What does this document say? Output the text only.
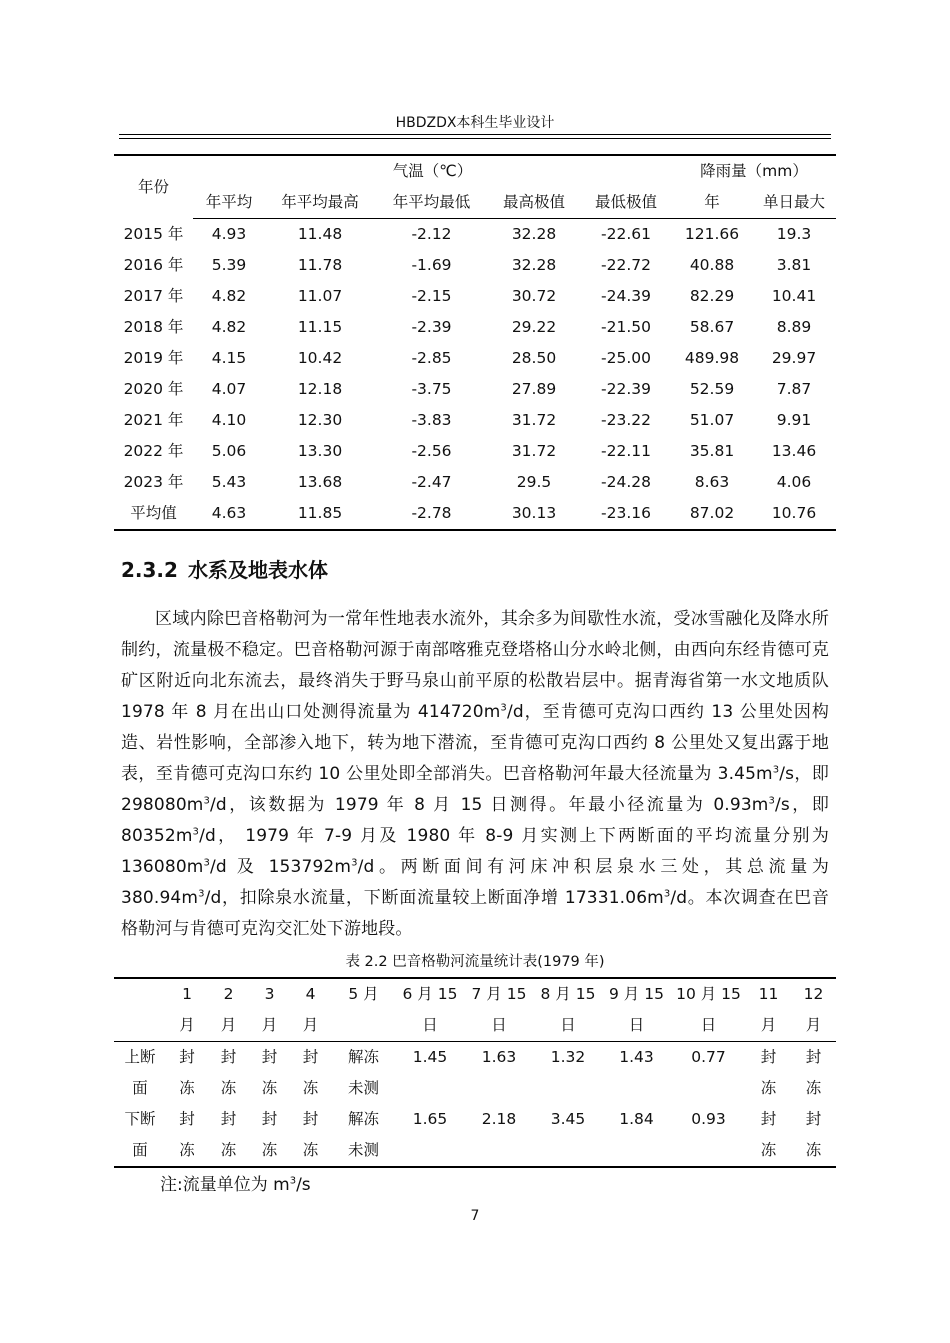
HBDZDX本科生毕业设计
年份	气温（℃）					降雨量（mm）	
	年平均	年平均最高	年平均最低	最高极值	最低极值	年	单日最大
2015 年	4.93	11.48	-2.12	32.28	-22.61	121.66	19.3
2016 年	5.39	11.78	-1.69	32.28	-22.72	40.88	3.81
2017 年	4.82	11.07	-2.15	30.72	-24.39	82.29	10.41
2018 年	4.82	11.15	-2.39	29.22	-21.50	58.67	8.89
2019 年	4.15	10.42	-2.85	28.50	-25.00	489.98	29.97
2020 年	4.07	12.18	-3.75	27.89	-22.39	52.59	7.87
2021 年	4.10	12.30	-3.83	31.72	-23.22	51.07	9.91
2022 年	5.06	13.30	-2.56	31.72	-22.11	35.81	13.46
2023 年	5.43	13.68	-2.47	29.5	-24.28	8.63	4.06
平均值	4.63	11.85	-2.78	30.13	-23.16	87.02	10.76
2.3.2 水系及地表水体
区域内除巴音格勒河为一常年性地表水流外，其余多为间歇性水流，受冰雪融化及降水所制约，流量极不稳定。巴音格勒河源于南部喀雅克登塔格山分水岭北侧，由西向东经肯德可克矿区附近向北东流去，最终消失于野马泉山前平原的松散岩层中。据青海省第一水文地质队 1978 年 8 月在出山口处测得流量为 $414720m^3/d$，至肯德可克沟口西约 13 公里处因构造、岩性影响，全部渗入地下，转为地下潜流，至肯德可克沟口西约 8 公里处又复出露于地表，至肯德可克沟口东约 10 公里处即全部消失。巴音格勒河年最大径流量为 $3.45m^3/s$，即 $298080m^3/d$，该数据为 1979 年 8 月 15 日测得。年最小径流量为 $0.93m^3/s$，即 $80352m^3/d$， 1979 年 7-9 月及 1980 年 8-9 月实测上下两断面的平均流量分别为 $136080m^3/d$ 及 $153792m^3/d$。两断面间有河床冲积层泉水三处，其总流量为 $380.94m^3/d$，扣除泉水流量，下断面流量较上断面净增 $17331.06m^3/d$。本次调查在巴音格勒河与肯德可克沟交汇处下游地段。
表 2.2 巴音格勒河流量统计表(1979 年)
	1	2	3	4	5 月	6 月 15	7 月 15	8 月 15	9 月 15	10 月 15	11	12
	月	月	月	月		日	日	日	日	日	月	月
上断	封	封	封	封	解冻	1.45	1.63	1.32	1.43	0.77	封	封
面	冻	冻	冻	冻	未测						冻	冻
下断	封	封	封	封	解冻	1.65	2.18	3.45	1.84	0.93	封	封
面	冻	冻	冻	冻	未测						冻	冻
注:流量单位为 $m^3/s$
7
